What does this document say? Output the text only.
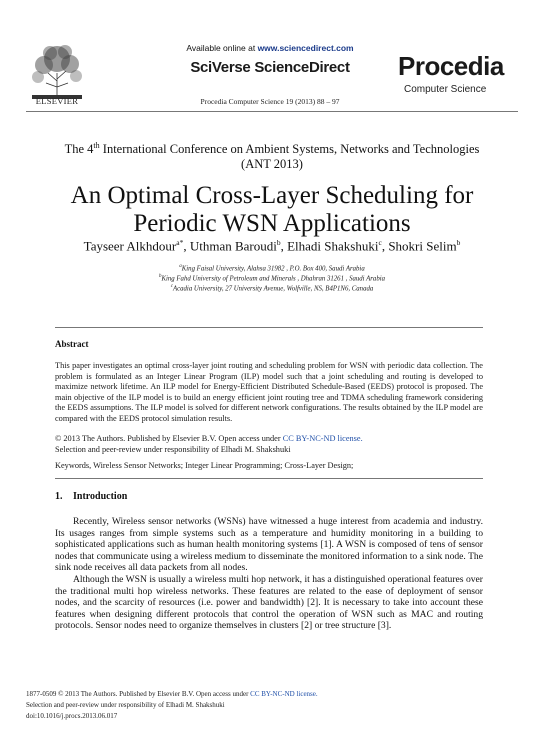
ELSEVIER
Available online at www.sciencedirect.com
SciVerse ScienceDirect	Procedia
Computer Science
Procedia Computer Science 19 (2013) 88 – 97
The 4th International Conference on Ambient Systems, Networks and Technologies
(ANT 2013)
An Optimal Cross-Layer Scheduling for
Periodic WSN Applications
Tayseer Alkhdour$^{a*}$, Uthman Baroudi$^b$, Elhadi Shakshuki$^c$, Shokri Selim$^b$
$^a$King Faisal University, Alahsa 31982 , P.O. Box 400, Saudi Arabia
$^b$King Fahd University of Petroleum and Minerals , Dhahran 31261 , Saudi Arabia
$^c$Acadia University, 27 University Avenue, Wolfville, NS, B4P1N6, Canada
Abstract
This paper investigates an optimal cross-layer joint routing and scheduling problem for WSN with periodic data collection. The problem is formulated as an Integer Linear Program (ILP) model such that a joint scheduling and routing is developed to maximize network lifetime. An ILP model for Energy-Efficient Distributed Schedule-Based (EEDS) protocol is proposed. The main objective of the ILP model is to build an energy efficient joint routing tree and TDMA scheduling framework considering the EEDS assumptions. The ILP model is solved for different network configurations. The results obtained by the ILP model are compared with the EEDS protocol simulation results.
© 2013 The Authors. Published by Elsevier B.V. Open access under CC BY-NC-ND license.
Selection and peer-review under responsibility of Elhadi M. Shakshuki
Keywords, Wireless Sensor Networks; Integer Linear Programming; Cross-Layer Design;
1. Introduction
Recently, Wireless sensor networks (WSNs) have witnessed a huge interest from academia and industry. Its usages ranges from simple systems such as a temperature and humidity monitoring in a building to sophisticated applications such as human health monitoring systems [1]. A WSN is composed of tens of sensor nodes that communicate using a wireless medium to disseminate the monitored information to a sink node. The sink node receives all data packets from all nodes.
Although the WSN is usually a wireless multi hop network, it has a distinguished operational features over the traditional multi hop wireless networks. These features are related to the ease of deployment of sensor nodes, and the scarcity of resources (i.e. power and bandwidth) [2]. It is necessary to take into account these features when designing different protocols that control the operation of WSN such as MAC and routing protocols. Sensor nodes need to organize themselves in clusters [2] or tree structure [3].
1877-0509 © 2013 The Authors. Published by Elsevier B.V. Open access under CC BY-NC-ND license.
Selection and peer-review under responsibility of Elhadi M. Shakshuki
doi:10.1016/j.procs.2013.06.017
